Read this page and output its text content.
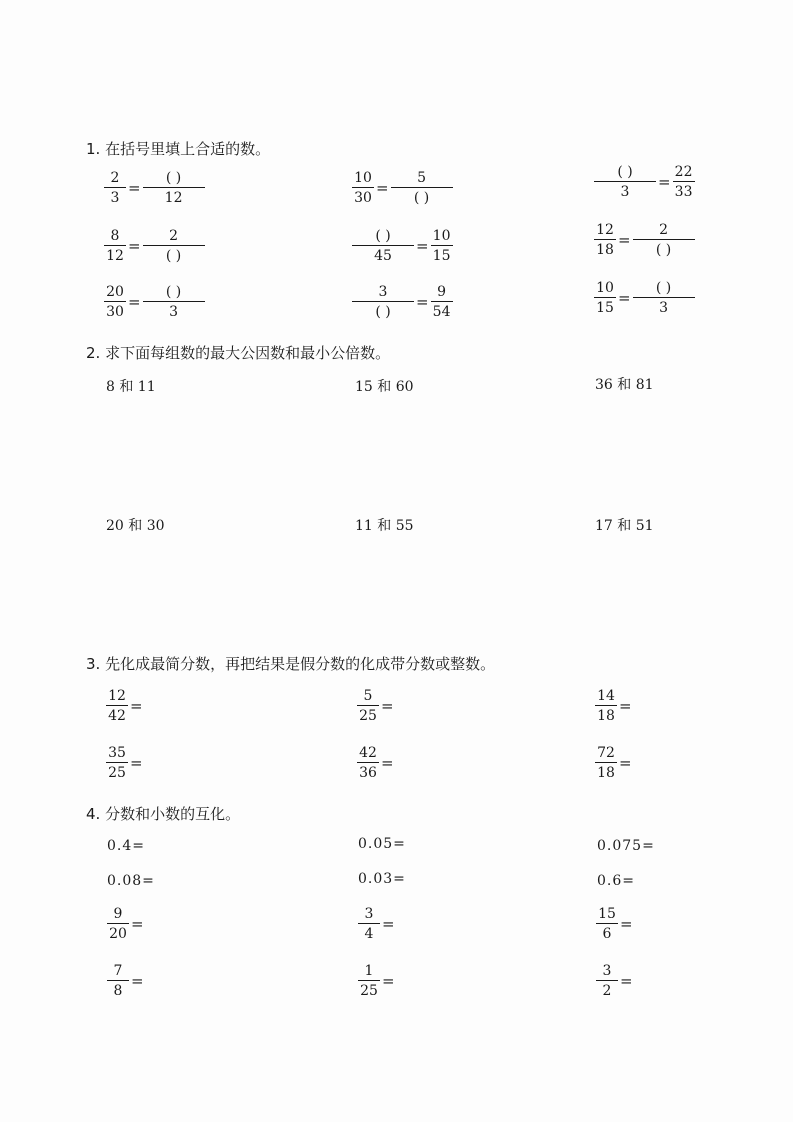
1. 在括号里填上合适的数。
$\frac{2}{3} = \frac{( )}{12}$	$\frac{10}{30} = \frac{5}{( )}$	$\frac{( )}{3} = \frac{22}{33}$
$\frac{8}{12} = \frac{2}{( )}$	$\frac{( )}{45} = \frac{10}{15}$	$\frac{12}{18} = \frac{2}{( )}$
$\frac{20}{30} = \frac{( )}{3}$	$\frac{3}{( )} = \frac{9}{54}$	$\frac{10}{15} = \frac{( )}{3}$
2. 求下面每组数的最大公因数和最小公倍数。
8 和 11	15 和 60	36 和 81
20 和 30	11 和 55	17 和 51
3. 先化成最简分数，再把结果是假分数的化成带分数或整数。
$\frac{12}{42}$ =	$\frac{5}{25}$ =	$\frac{14}{18}$ =
$\frac{35}{25}$ =	$\frac{42}{36}$ =	$\frac{72}{18}$ =
4. 分数和小数的互化。
0.4=	0.05=	0.075=
0.08=	0.03=	0.6=
$\frac{9}{20}$ =	$\frac{3}{4}$ =	$\frac{15}{6}$ =
$\frac{7}{8}$ =	$\frac{1}{25}$ =	$\frac{3}{2}$ =
